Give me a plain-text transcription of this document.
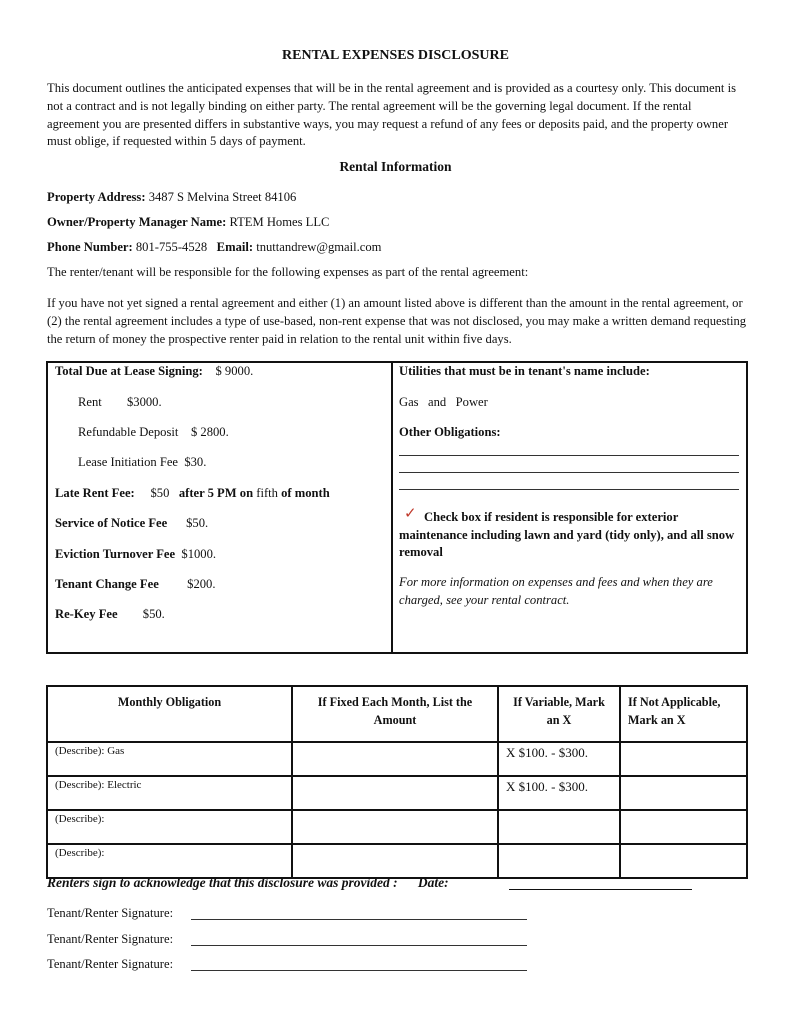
RENTAL EXPENSES DISCLOSURE
This document outlines the anticipated expenses that will be in the rental agreement and is provided as a courtesy only. This document is not a contract and is not legally binding on either party. The rental agreement will be the governing legal document. If the rental agreement you are presented differs in substantive ways, you may request a refund of any fees or deposits paid, and the property owner must oblige, if requested within 5 days of payment.
Rental Information
Property Address: 3487 S Melvina Street 84106
Owner/Property Manager Name: RTEM Homes LLC
Phone Number: 801-755-4528 Email: tnuttandrew@gmail.com
The renter/tenant will be responsible for the following expenses as part of the rental agreement:
If you have not yet signed a rental agreement and either (1) an amount listed above is different than the amount in the rental agreement, or (2) the rental agreement includes a type of use-based, non-rent expense that was not disclosed, you may make a written demand requesting the return of money the prospective renter paid in relation to the rental unit within five days.
Total Due at Lease Signing: $ 9000.
Rent $3000.
Refundable Deposit $ 2800.
Lease Initiation Fee $30.
Late Rent Fee: $50 after 5 PM on fifth of month
Service of Notice Fee $50.
Eviction Turnover Fee $1000.
Tenant Change Fee $200.
Re-Key Fee $50.
Utilities that must be in tenant's name include:
Gas   and   Power
Other Obligations:
✓ Check box if resident is responsible for exterior maintenance including lawn and yard (tidy only), and all snow removal
For more information on expenses and fees and when they are charged, see your rental contract.
Monthly Obligation	If Fixed Each Month, List the Amount	If Variable, Mark an X	If Not Applicable, Mark an X
(Describe): Gas		X $100. - $300.	
(Describe): Electric		X $100. - $300.	
(Describe):			
(Describe):			
Renters sign to acknowledge that this disclosure was provided : Date:
Tenant/Renter Signature:
Tenant/Renter Signature:
Tenant/Renter Signature:
